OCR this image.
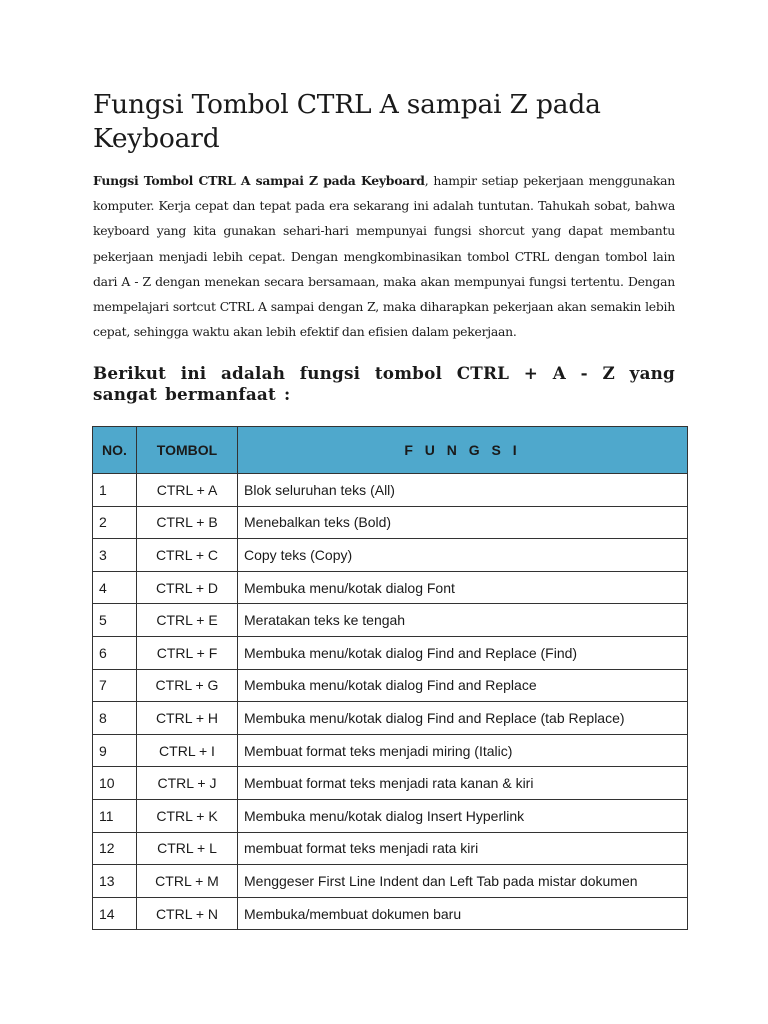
Fungsi Tombol CTRL A sampai Z pada Keyboard

Fungsi Tombol CTRL A sampai Z pada Keyboard, hampir setiap pekerjaan menggunakan komputer. Kerja cepat dan tepat pada era sekarang ini adalah tuntutan. Tahukah sobat, bahwa keyboard yang kita gunakan sehari-hari mempunyai fungsi shorcut yang dapat membantu pekerjaan menjadi lebih cepat. Dengan mengkombinasikan tombol CTRL dengan tombol lain dari A - Z dengan menekan secara bersamaan, maka akan mempunyai fungsi tertentu. Dengan mempelajari sortcut CTRL A sampai dengan Z, maka diharapkan pekerjaan akan semakin lebih cepat, sehingga waktu akan lebih efektif dan efisien dalam pekerjaan.

Berikut ini adalah fungsi tombol CTRL + A - Z yang sangat bermanfaat :
NO.	TOMBOL	F U N G S I
1	CTRL + A	Blok seluruhan teks (All)
2	CTRL + B	Menebalkan teks (Bold)
3	CTRL + C	Copy teks (Copy)
4	CTRL + D	Membuka menu/kotak dialog Font
5	CTRL + E	Meratakan teks ke tengah
6	CTRL + F	Membuka menu/kotak dialog Find and Replace (Find)
7	CTRL + G	Membuka menu/kotak dialog Find and Replace
8	CTRL + H	Membuka menu/kotak dialog Find and Replace (tab Replace)
9	CTRL + I	Membuat format teks menjadi miring (Italic)
10	CTRL + J	Membuat format teks menjadi rata kanan & kiri
11	CTRL + K	Membuka menu/kotak dialog Insert Hyperlink
12	CTRL + L	membuat format teks menjadi rata kiri
13	CTRL + M	Menggeser First Line Indent dan Left Tab pada mistar dokumen
14	CTRL + N	Membuka/membuat dokumen baru
